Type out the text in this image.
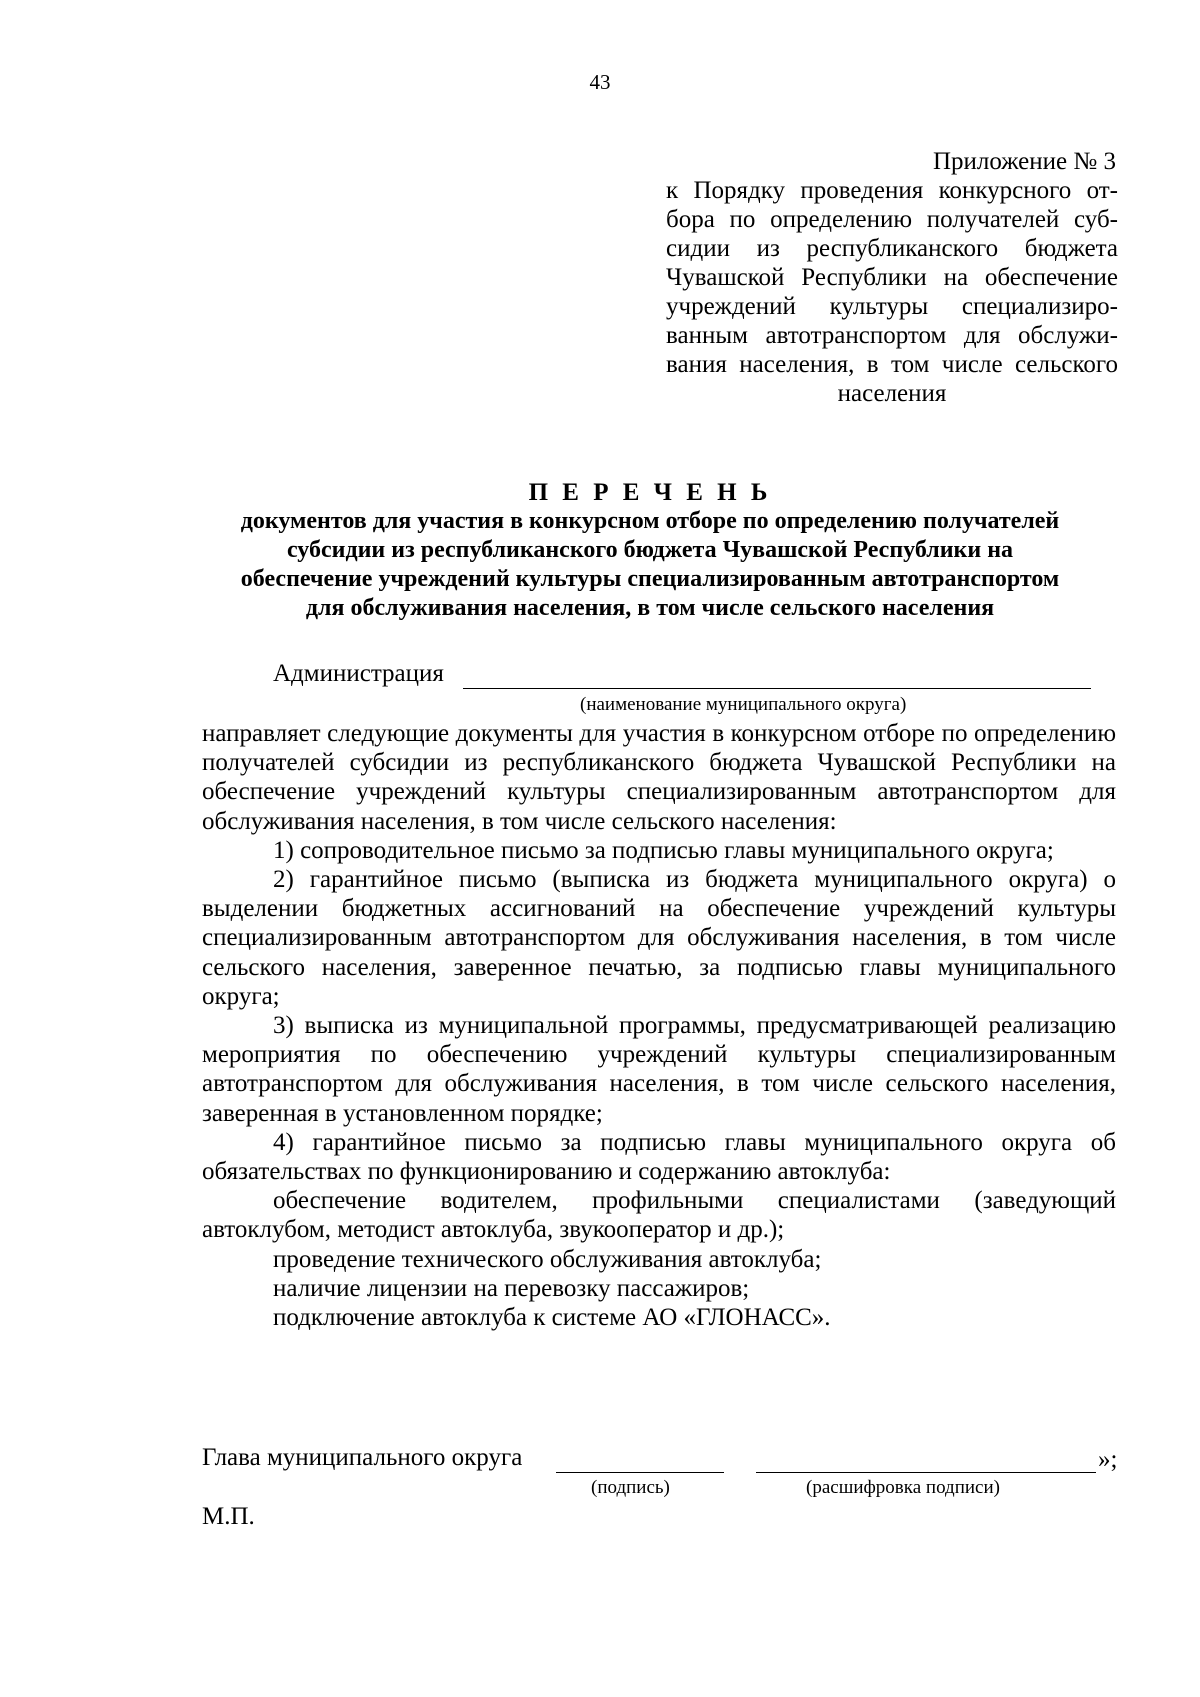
43
Приложение № 3
к Порядку проведения конкурсного от-
бора по определению получателей суб-
сидии из республиканского бюджета
Чувашской Республики на обеспечение
учреждений культуры специализиро-
ванным автотранспортом для обслужи-
вания населения, в том числе сельского
населения
П Е Р Е Ч Е Н Ь
документов для участия в конкурсном отборе по определению получателей
субсидии из республиканского бюджета Чувашской Республики на
обеспечение учреждений культуры специализированным автотранспортом
для обслуживания населения, в том числе сельского населения
Администрация
(наименование муниципального округа)

направляет следующие документы для участия в конкурсном отборе по определению получателей субсидии из республиканского бюджета Чувашской Республики на обеспечение учреждений культуры специализированным автотранспортом для обслуживания населения, в том числе сельского населения:

1) сопроводительное письмо за подписью главы муниципального округа;

2) гарантийное письмо (выписка из бюджета муниципального округа) о выделении бюджетных ассигнований на обеспечение учреждений культуры специализированным автотранспортом для обслуживания населения, в том числе сельского населения, заверенное печатью, за подписью главы муниципального округа;

3) выписка из муниципальной программы, предусматривающей реализацию мероприятия по обеспечению учреждений культуры специализированным автотранспортом для обслуживания населения, в том числе сельского населения, заверенная в установленном порядке;

4) гарантийное письмо за подписью главы муниципального округа об обязательствах по функционированию и содержанию автоклуба:

обеспечение водителем, профильными специалистами (заведующий автоклубом, методист автоклуба, звукооператор и др.);

проведение технического обслуживания автоклуба;

наличие лицензии на перевозку пассажиров;

подключение автоклуба к системе АО «ГЛОНАСС».

Глава муниципального округа	»;
(подпись)	(расшифровка подписи)
М.П.
